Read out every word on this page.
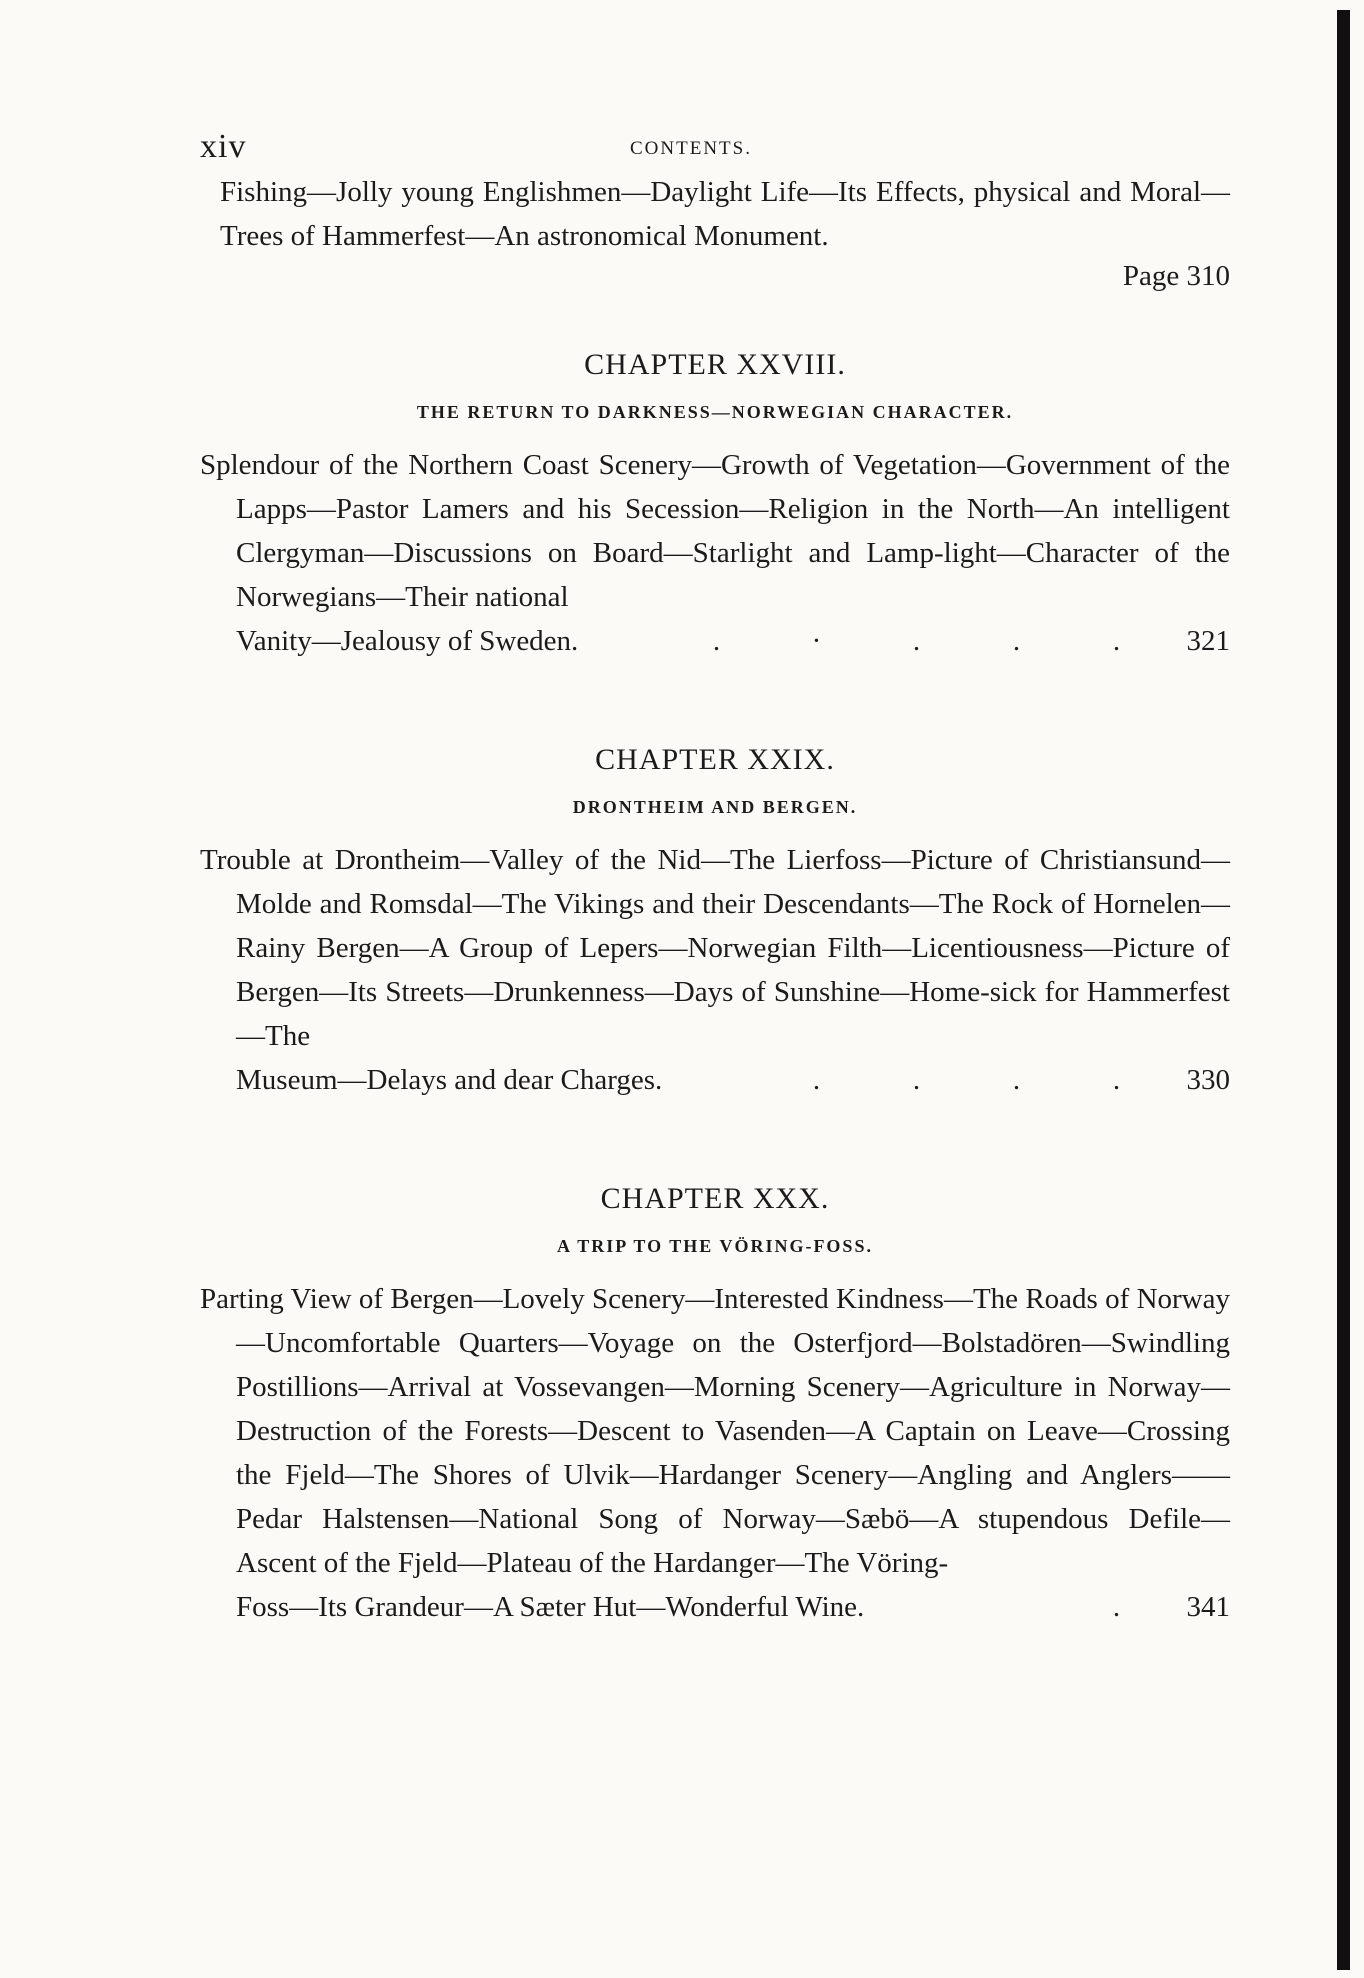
xiv	CONTENTS.

Fishing—Jolly young Englishmen—Daylight Life—Its Effects, physical and Moral—Trees of Hammerfest—An astronomical Monument.

Page 310

CHAPTER XXVIII.

THE RETURN TO DARKNESS—NORWEGIAN CHARACTER.

Splendour of the Northern Coast Scenery—Growth of Vegetation—Government of the Lapps—Pastor Lamers and his Secession—Religion in the North—An intelligent Clergyman—Discussions on Board—Starlight and Lamp-light—Character of the Norwegians—Their national

Vanity—Jealousy of Sweden.	.	·	.	.	.	321

CHAPTER XXIX.

DRONTHEIM AND BERGEN.

Trouble at Drontheim—Valley of the Nid—The Lierfoss—Picture of Christiansund—Molde and Romsdal—The Vikings and their Descendants—The Rock of Hornelen—Rainy Bergen—A Group of Lepers—Norwegian Filth—Licentiousness—Picture of Bergen—Its Streets—Drunkenness—Days of Sunshine—Home-sick for Hammerfest—The

Museum—Delays and dear Charges.	.	.	.	.	330

CHAPTER XXX.

A TRIP TO THE VÖRING-FOSS.

Parting View of Bergen—Lovely Scenery—Interested Kindness—The Roads of Norway—Uncomfortable Quarters—Voyage on the Osterfjord—Bolstadören—Swindling Postillions—Arrival at Vossevangen—Morning Scenery—Agriculture in Norway—Destruction of the Forests—Descent to Vasenden—A Captain on Leave—Crossing the Fjeld—The Shores of Ulvik—Hardanger Scenery—Angling and Anglers——Pedar Halstensen—National Song of Norway—Sæbö—A stupendous Defile—Ascent of the Fjeld—Plateau of the Hardanger—The Vöring-

Foss—Its Grandeur—A Sæter Hut—Wonderful Wine.	.	341
